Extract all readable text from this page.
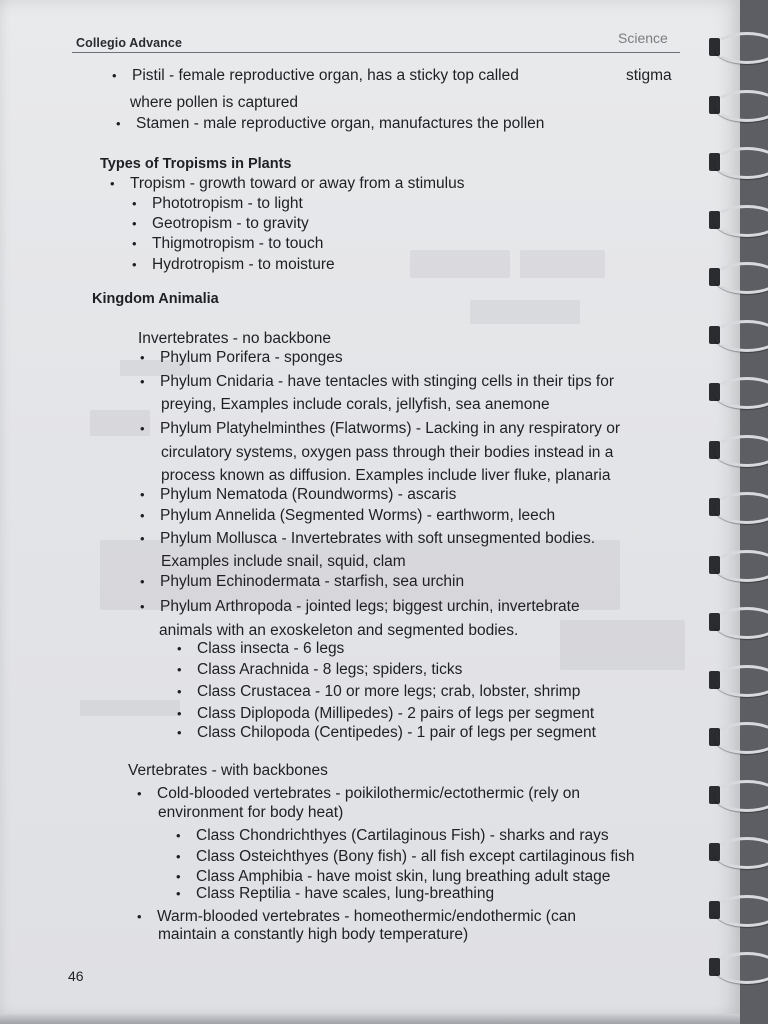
Collegio Advance	Science
• Pistil - female reproductive organ, has a sticky top called	stigma

where pollen is captured

• Stamen - male reproductive organ, manufactures the pollen

Types of Tropisms in Plants

• Tropism - growth toward or away from a stimulus

• Phototropism - to light

• Geotropism - to gravity

• Thigmotropism - to touch

• Hydrotropism - to moisture

Kingdom Animalia

Invertebrates - no backbone

• Phylum Porifera - sponges

• Phylum Cnidaria - have tentacles with stinging cells in their tips for

preying, Examples include corals, jellyfish, sea anemone

• Phylum Platyhelminthes (Flatworms) - Lacking in any respiratory or

circulatory systems, oxygen pass through their bodies instead in a

process known as diffusion. Examples include liver fluke, planaria

• Phylum Nematoda (Roundworms) - ascaris

• Phylum Annelida (Segmented Worms) - earthworm, leech

• Phylum Mollusca - Invertebrates with soft unsegmented bodies.

Examples include snail, squid, clam

• Phylum Echinodermata - starfish, sea urchin

• Phylum Arthropoda - jointed legs; biggest urchin, invertebrate

animals with an exoskeleton and segmented bodies.

• Class insecta - 6 legs

• Class Arachnida - 8 legs; spiders, ticks

• Class Crustacea - 10 or more legs; crab, lobster, shrimp

• Class Diplopoda (Millipedes) - 2 pairs of legs per segment

• Class Chilopoda (Centipedes) - 1 pair of legs per segment

Vertebrates - with backbones

• Cold-blooded vertebrates - poikilothermic/ectothermic (rely on

environment for body heat)

• Class Chondrichthyes (Cartilaginous Fish) - sharks and rays

• Class Osteichthyes (Bony fish) - all fish except cartilaginous fish

• Class Amphibia - have moist skin, lung breathing adult stage

• Class Reptilia - have scales, lung-breathing

• Warm-blooded vertebrates - homeothermic/endothermic (can

maintain a constantly high body temperature)

46
